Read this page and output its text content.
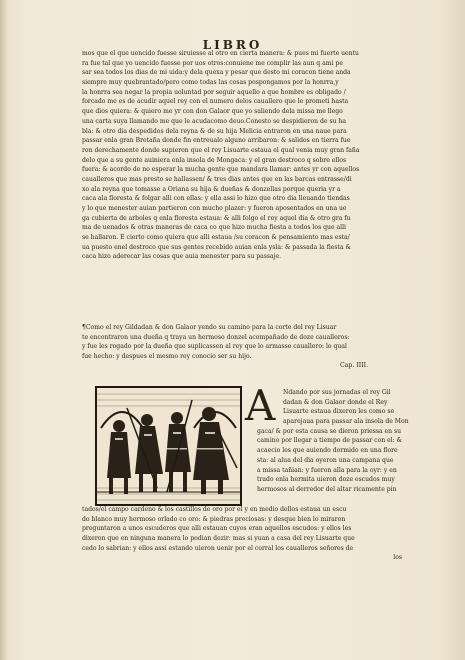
LIBRO
mos que el que uencido fuesse siruiesse al otro en cierta manera: & pues mi fuerte uentu
ra fue tal que yo uencido fuesse por uos otros:conuiene me complir las aun q ami pe
sar sea todos los dias de mi uida:y dela quexa y pesar que desto mi coracon tiene anda
siempre muy quebrantado/pero como todas las cosas pospongamos por la honrra,y
la honrra sea negar la propia uoluntad por seguir aquello a que hombre es obligado /
forcado me es de acudir aquel rey con el numero delos cauallero que le prometi hasta
que dios quiera: & quiero me yr con don Galaor que yo saliendo dela missa me llego
una carta suya llamando me que le acudacomo deuo.Conesto se despidieron de su ha
bla: & otro dia despedidos dela reyna & de su hija Melicia entraron en una naue para
passar enla gran Bretaña donde fin entreualo alguno arribaron: & salidos en tierra fue
ron derechamente donde supieron que el rey Lisuarte estaua el qual venia muy gran faña
delo que a su gente auiniera enla insola de Mongaca: y el gran destroco q sobre ellos
fuera: & acordo de no esperar la mucha gente que mandara llamar: antes yr con aquellos
caualleros que mas presto se hallassen/ & tres dias antes que en las barcas entrasse/di
xo ala reyna que tomasse a Oriana su hija & dueñas & donzellas porque queria yr a
caca ala floresta & folgar alli con ellas: y ella assi lo hizo que otro dia lleuando tiendas
y lo que menester auian partieron con mucho plazer: y fueron aposentados en una ue
ga cubierta de arboles q enla floresta estaua: & alli folgo el rey aquel dia & otro gra fu
ma de uenados & otras maneras de caca co que hizo mucha fiesta a todos los que alli
se hallaron. E cierto como quiera que alli estaua /su coracon & pensamiento mas esta/
ua puesto enel destroco que sus gentes recebido auian enla ysla: & passada la fiesta &
caca hizo aderecar las cosas que auia menester para su passaje.
¶Como el rey Gildadan & don Galaor yendo su camino para la corte del rey Lisuar
te encontraron una dueña q traya un hermoso donzel acompañado de doze caualleros:
y fue les rogado por la dueña que suplicassen al rey que lo armasse cauallero: lo qual
fue hecho: y despues el mesmo rey conocio ser su hijo.
Cap. IIII.
A	Ndando por sus jornadas el rey Gil
dadan & don Galaor donde el Rey
Lisuarte estaua dixeron les como se
aparejaua para passar ala insola de Mon
gaca/ & por esta causa se dieron priessa en su
camino por llegar a tiempo de passar con el: &
acaecio les que auiendo dormido en una flore
sta: al alua del dia oyeron una campana que
a missa tañian: y fueron alla para la oyr: y en
trado enla hermita uieron doze escudos muy
hermosos al derredor del altar ricamente pin
tados/el campo cardeno & los castillos de oro por el y en medio dellos estaua un escu
do blanco muy hermoso orlado co oro: & piedras preciosas: y desque bien lo miraron
preguntaron a unos escuderos que alli estauan cuyos eran aquellos escudos: y ellos les
dixeron que en ninguna manera lo podian dezir: mas si yuan a casa del rey Lisuarte que
cedo lo sabrian: y ellos assi estando uieron uenir por el corral los caualleros señores de
los
